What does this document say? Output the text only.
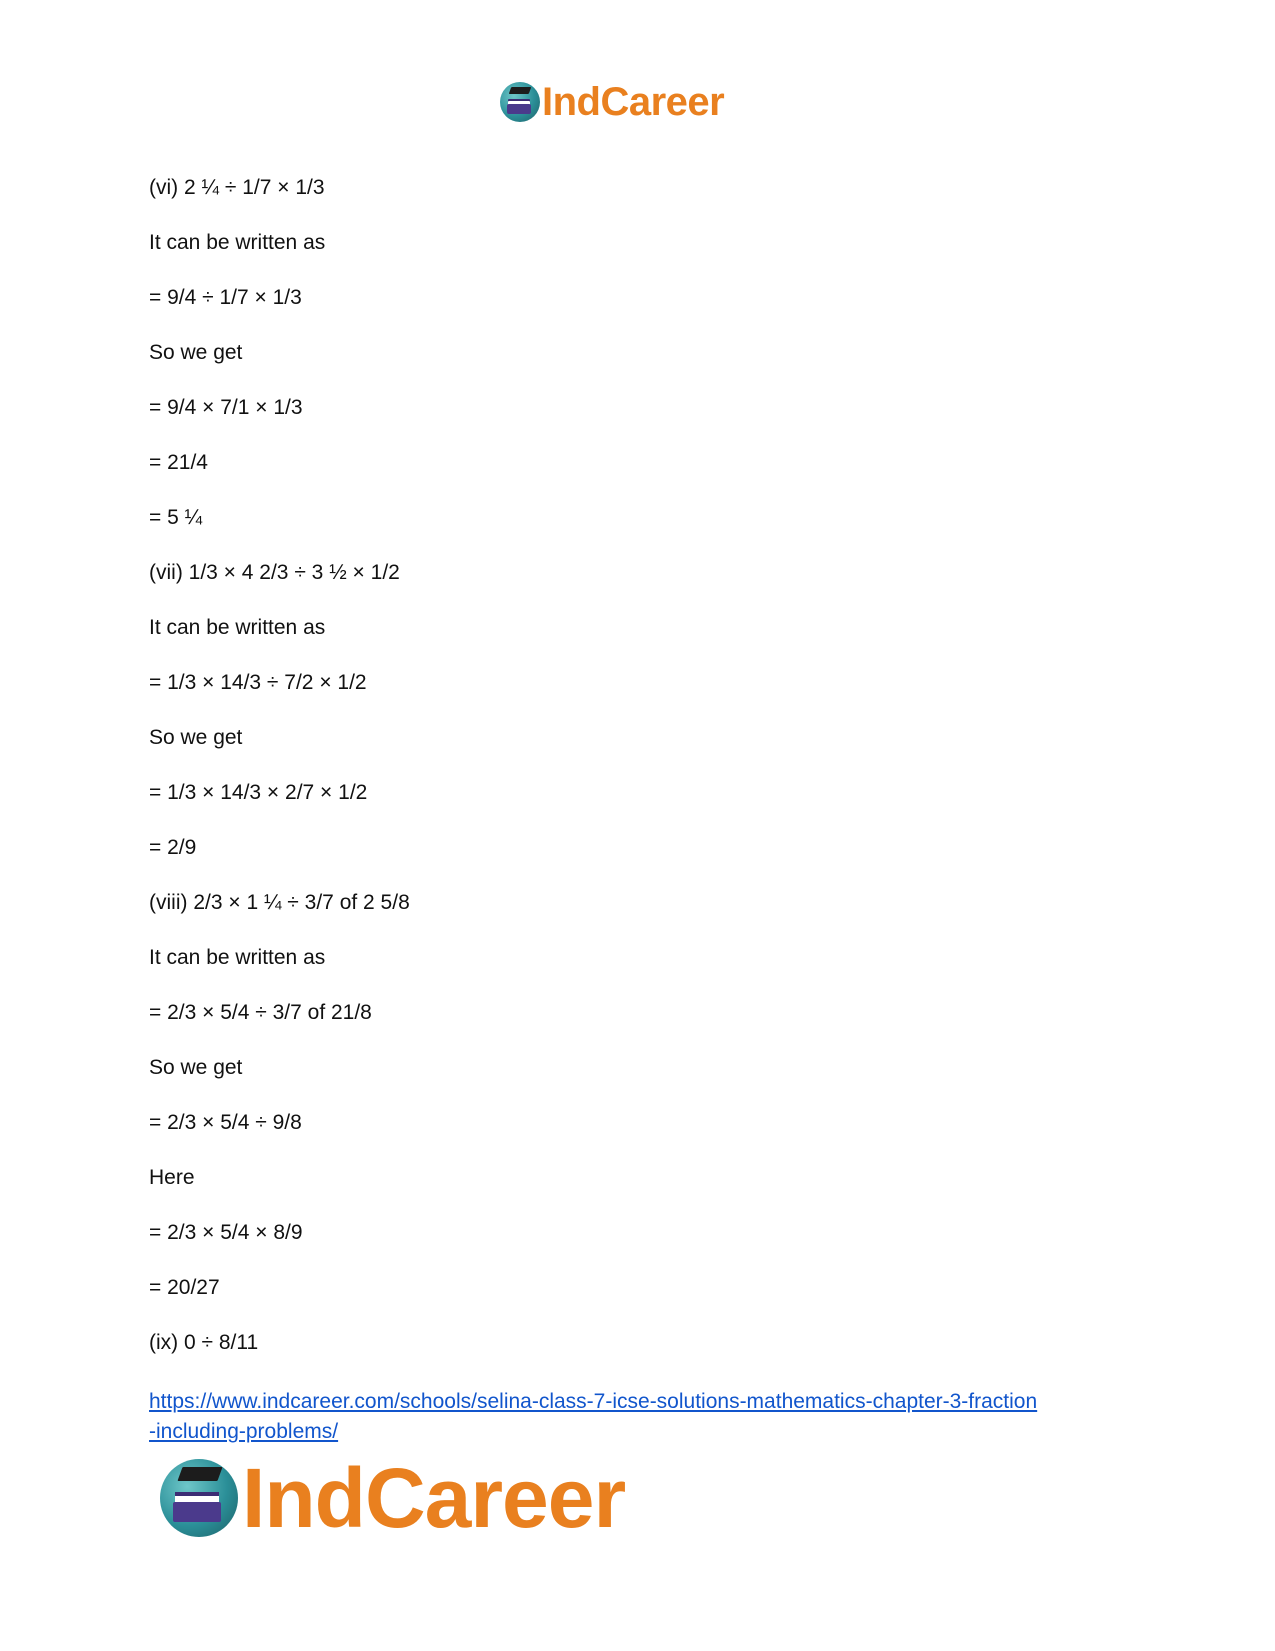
IndCareer
(vi) 2 ¼ ÷ 1/7 × 1/3
It can be written as
= 9/4 ÷ 1/7 × 1/3
So we get
= 9/4 × 7/1 × 1/3
= 21/4
= 5 ¼
(vii) 1/3 × 4 2/3 ÷ 3 ½ × 1/2
It can be written as
= 1/3 × 14/3 ÷ 7/2 × 1/2
So we get
= 1/3 × 14/3 × 2/7 × 1/2
= 2/9
(viii) 2/3 × 1 ¼ ÷ 3/7 of 2 5/8
It can be written as
= 2/3 × 5/4 ÷ 3/7 of 21/8
So we get
= 2/3 × 5/4 ÷ 9/8
Here
= 2/3 × 5/4 × 8/9
= 20/27
(ix) 0 ÷ 8/11
https://www.indcareer.com/schools/selina-class-7-icse-solutions-mathematics-chapter-3-fraction
-including-problems/
IndCareer
